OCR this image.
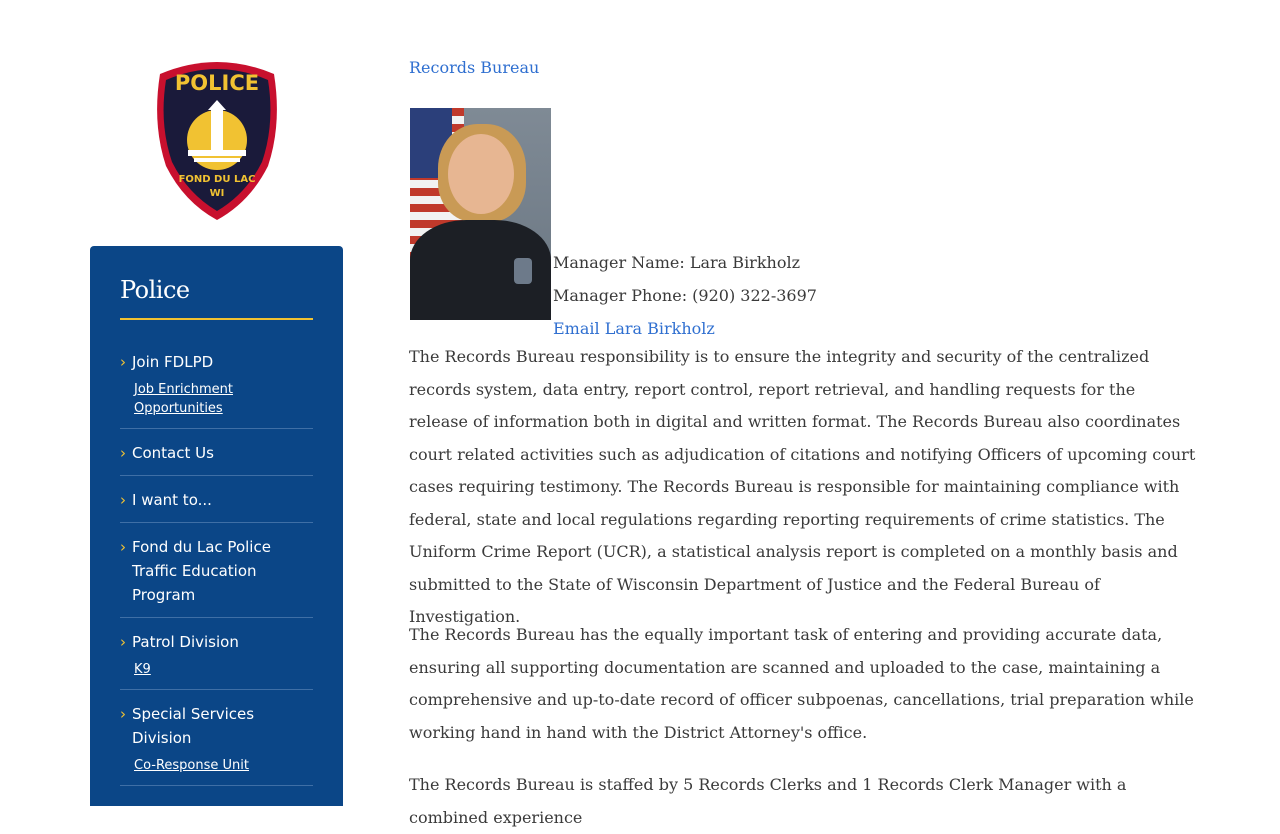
POLICE
FOND DU LAC
WI
Police
› Join FDLPD
Job Enrichment Opportunities
› Contact Us
› I want to...
› Fond du Lac Police Traffic Education Program
› Patrol Division
K9
› Special Services Division
Co-Response Unit
Records Bureau
Manager Name: Lara Birkholz
Manager Phone: (920) 322-3697
Email Lara Birkholz

The Records Bureau responsibility is to ensure the integrity and security of the centralized records system, data entry, report control, report retrieval, and handling requests for the release of information both in digital and written format. The Records Bureau also coordinates court related activities such as adjudication of citations and notifying Officers of upcoming court cases requiring testimony. The Records Bureau is responsible for maintaining compliance with federal, state and local regulations regarding reporting requirements of crime statistics. The Uniform Crime Report (UCR), a statistical analysis report is completed on a monthly basis and submitted to the State of Wisconsin Department of Justice and the Federal Bureau of Investigation.

The Records Bureau has the equally important task of entering and providing accurate data, ensuring all supporting documentation are scanned and uploaded to the case, maintaining a comprehensive and up-to-date record of officer subpoenas, cancellations, trial preparation while working hand in hand with the District Attorney's office.

The Records Bureau is staffed by 5 Records Clerks and 1 Records Clerk Manager with a combined experience
